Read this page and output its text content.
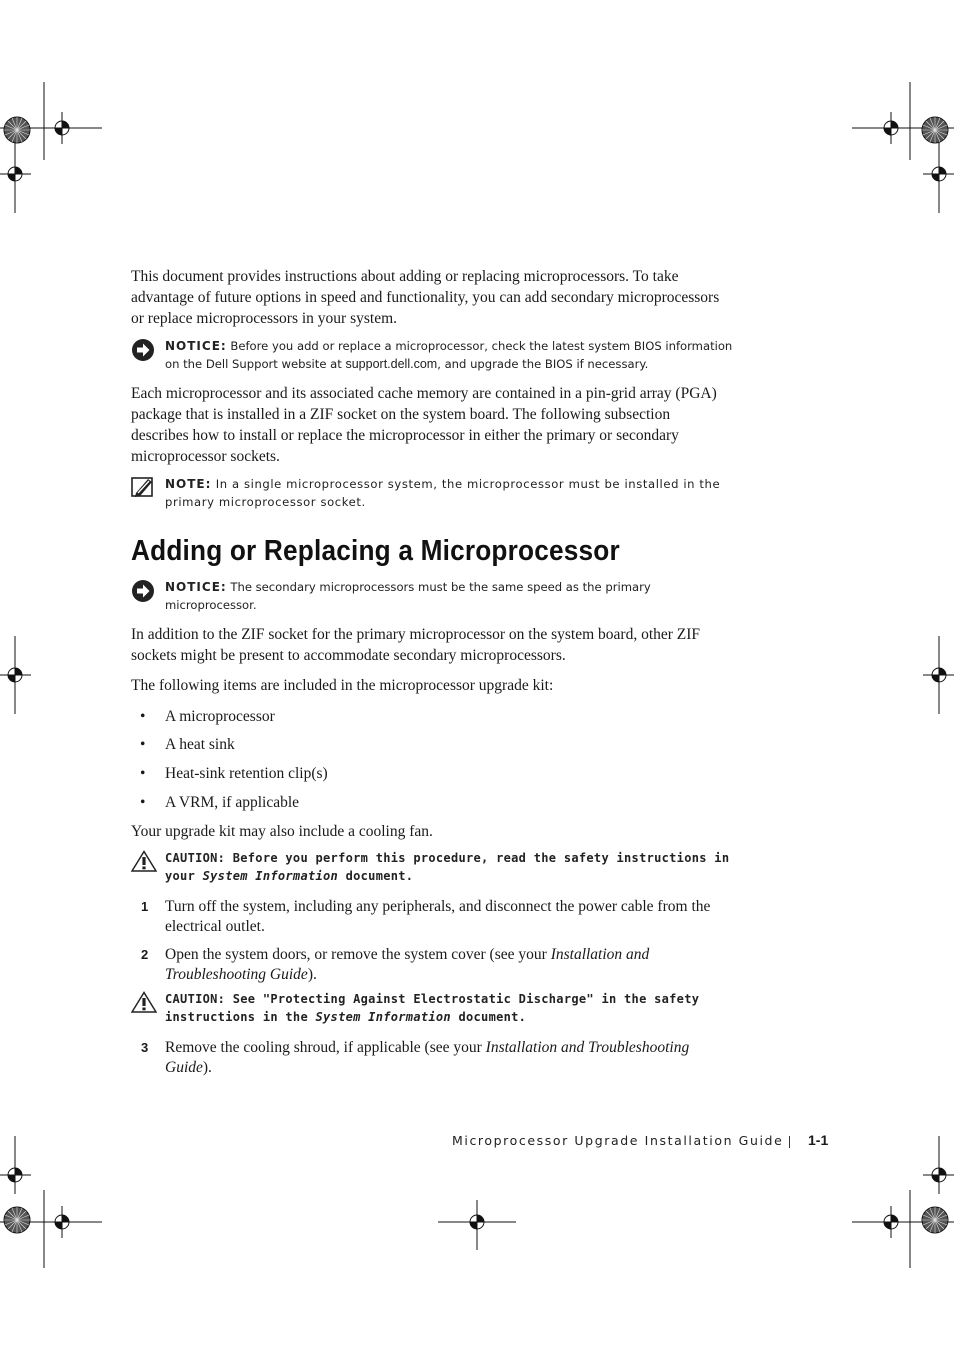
This document provides instructions about adding or replacing microprocessors. To take advantage of future options in speed and functionality, you can add secondary microprocessors or replace microprocessors in your system.

NOTICE: Before you add or replace a microprocessor, check the latest system BIOS information on the Dell Support website at support.dell.com, and upgrade the BIOS if necessary.

Each microprocessor and its associated cache memory are contained in a pin-grid array (PGA) package that is installed in a ZIF socket on the system board. The following subsection describes how to install or replace the microprocessor in either the primary or secondary microprocessor sockets.

NOTE: In a single microprocessor system, the microprocessor must be installed in the primary microprocessor socket.
Adding or Replacing a Microprocessor
NOTICE: The secondary microprocessors must be the same speed as the primary microprocessor.

In addition to the ZIF socket for the primary microprocessor on the system board, other ZIF sockets might be present to accommodate secondary microprocessors.

The following items are included in the microprocessor upgrade kit:

• A microprocessor
• A heat sink
• Heat-sink retention clip(s)
• A VRM, if applicable

Your upgrade kit may also include a cooling fan.

CAUTION: Before you perform this procedure, read the safety instructions in your System Information document.
1 Turn off the system, including any peripherals, and disconnect the power cable from the electrical outlet.
2 Open the system doors, or remove the system cover (see your Installation and Troubleshooting Guide).
CAUTION: See "Protecting Against Electrostatic Discharge" in the safety instructions in the System Information document.
3 Remove the cooling shroud, if applicable (see your Installation and Troubleshooting Guide).
Microprocessor Upgrade Installation Guide 1-1
